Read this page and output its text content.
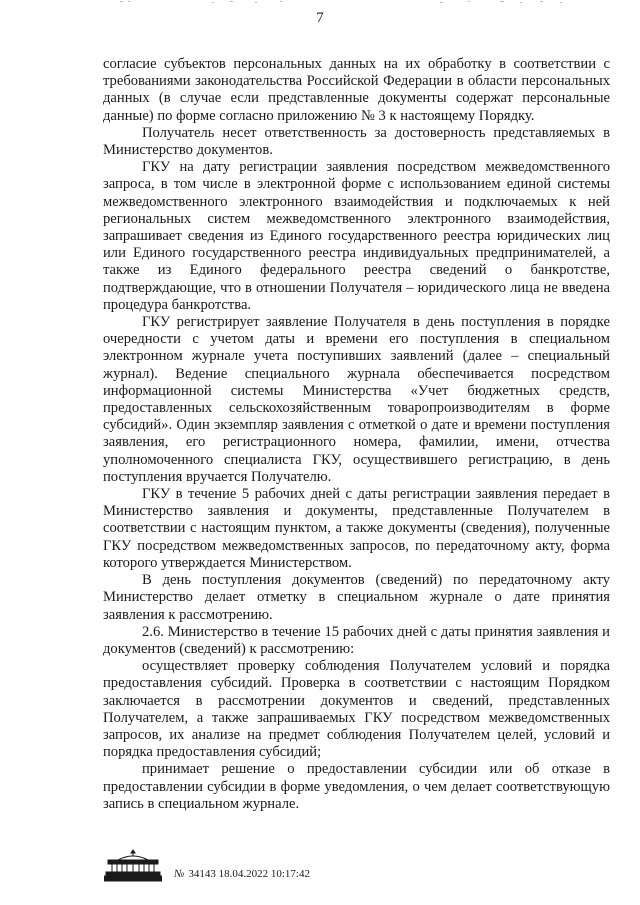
7

согласие субъектов персональных данных на их обработку в соответствии с требованиями законодательства Российской Федерации в области персональных данных (в случае если представленные документы содержат персональные данные) по форме согласно приложению № 3 к настоящему Порядку.

Получатель несет ответственность за достоверность представляемых в Министерство документов.

ГКУ на дату регистрации заявления посредством межведомственного запроса, в том числе в электронной форме с использованием единой системы межведомственного электронного взаимодействия и подключаемых к ней региональных систем межведомственного электронного взаимодействия, запрашивает сведения из Единого государственного реестра юридических лиц или Единого государственного реестра индивидуальных предпринимателей, а также из Единого федерального реестра сведений о банкротстве, подтверждающие, что в отношении Получателя – юридического лица не введена процедура банкротства.

ГКУ регистрирует заявление Получателя в день поступления в порядке очередности с учетом даты и времени его поступления в специальном электронном журнале учета поступивших заявлений (далее – специальный журнал). Ведение специального журнала обеспечивается посредством информационной системы Министерства «Учет бюджетных средств, предоставленных сельскохозяйственным товаропроизводителям в форме субсидий». Один экземпляр заявления с отметкой о дате и времени поступления заявления, его регистрационного номера, фамилии, имени, отчества уполномоченного специалиста ГКУ, осуществившего регистрацию, в день поступления вручается Получателю.

ГКУ в течение 5 рабочих дней с даты регистрации заявления передает в Министерство заявления и документы, представленные Получателем в соответствии с настоящим пунктом, а также документы (сведения), полученные ГКУ посредством межведомственных запросов, по передаточному акту, форма которого утверждается Министерством.

В день поступления документов (сведений) по передаточному акту Министерство делает отметку в специальном журнале о дате принятия заявления к рассмотрению.

2.6. Министерство в течение 15 рабочих дней с даты принятия заявления и документов (сведений) к рассмотрению:

осуществляет проверку соблюдения Получателем условий и порядка предоставления субсидий. Проверка в соответствии с настоящим Порядком заключается в рассмотрении документов и сведений, представленных Получателем, а также запрашиваемых ГКУ посредством межведомственных запросов, их анализе на предмет соблюдения Получателем целей, условий и порядка предоставления субсидий;

принимает решение о предоставлении субсидии или об отказе в предоставлении субсидии в форме уведомления, о чем делает соответствующую запись в специальном журнале.

№ 34143 18.04.2022 10:17:42
